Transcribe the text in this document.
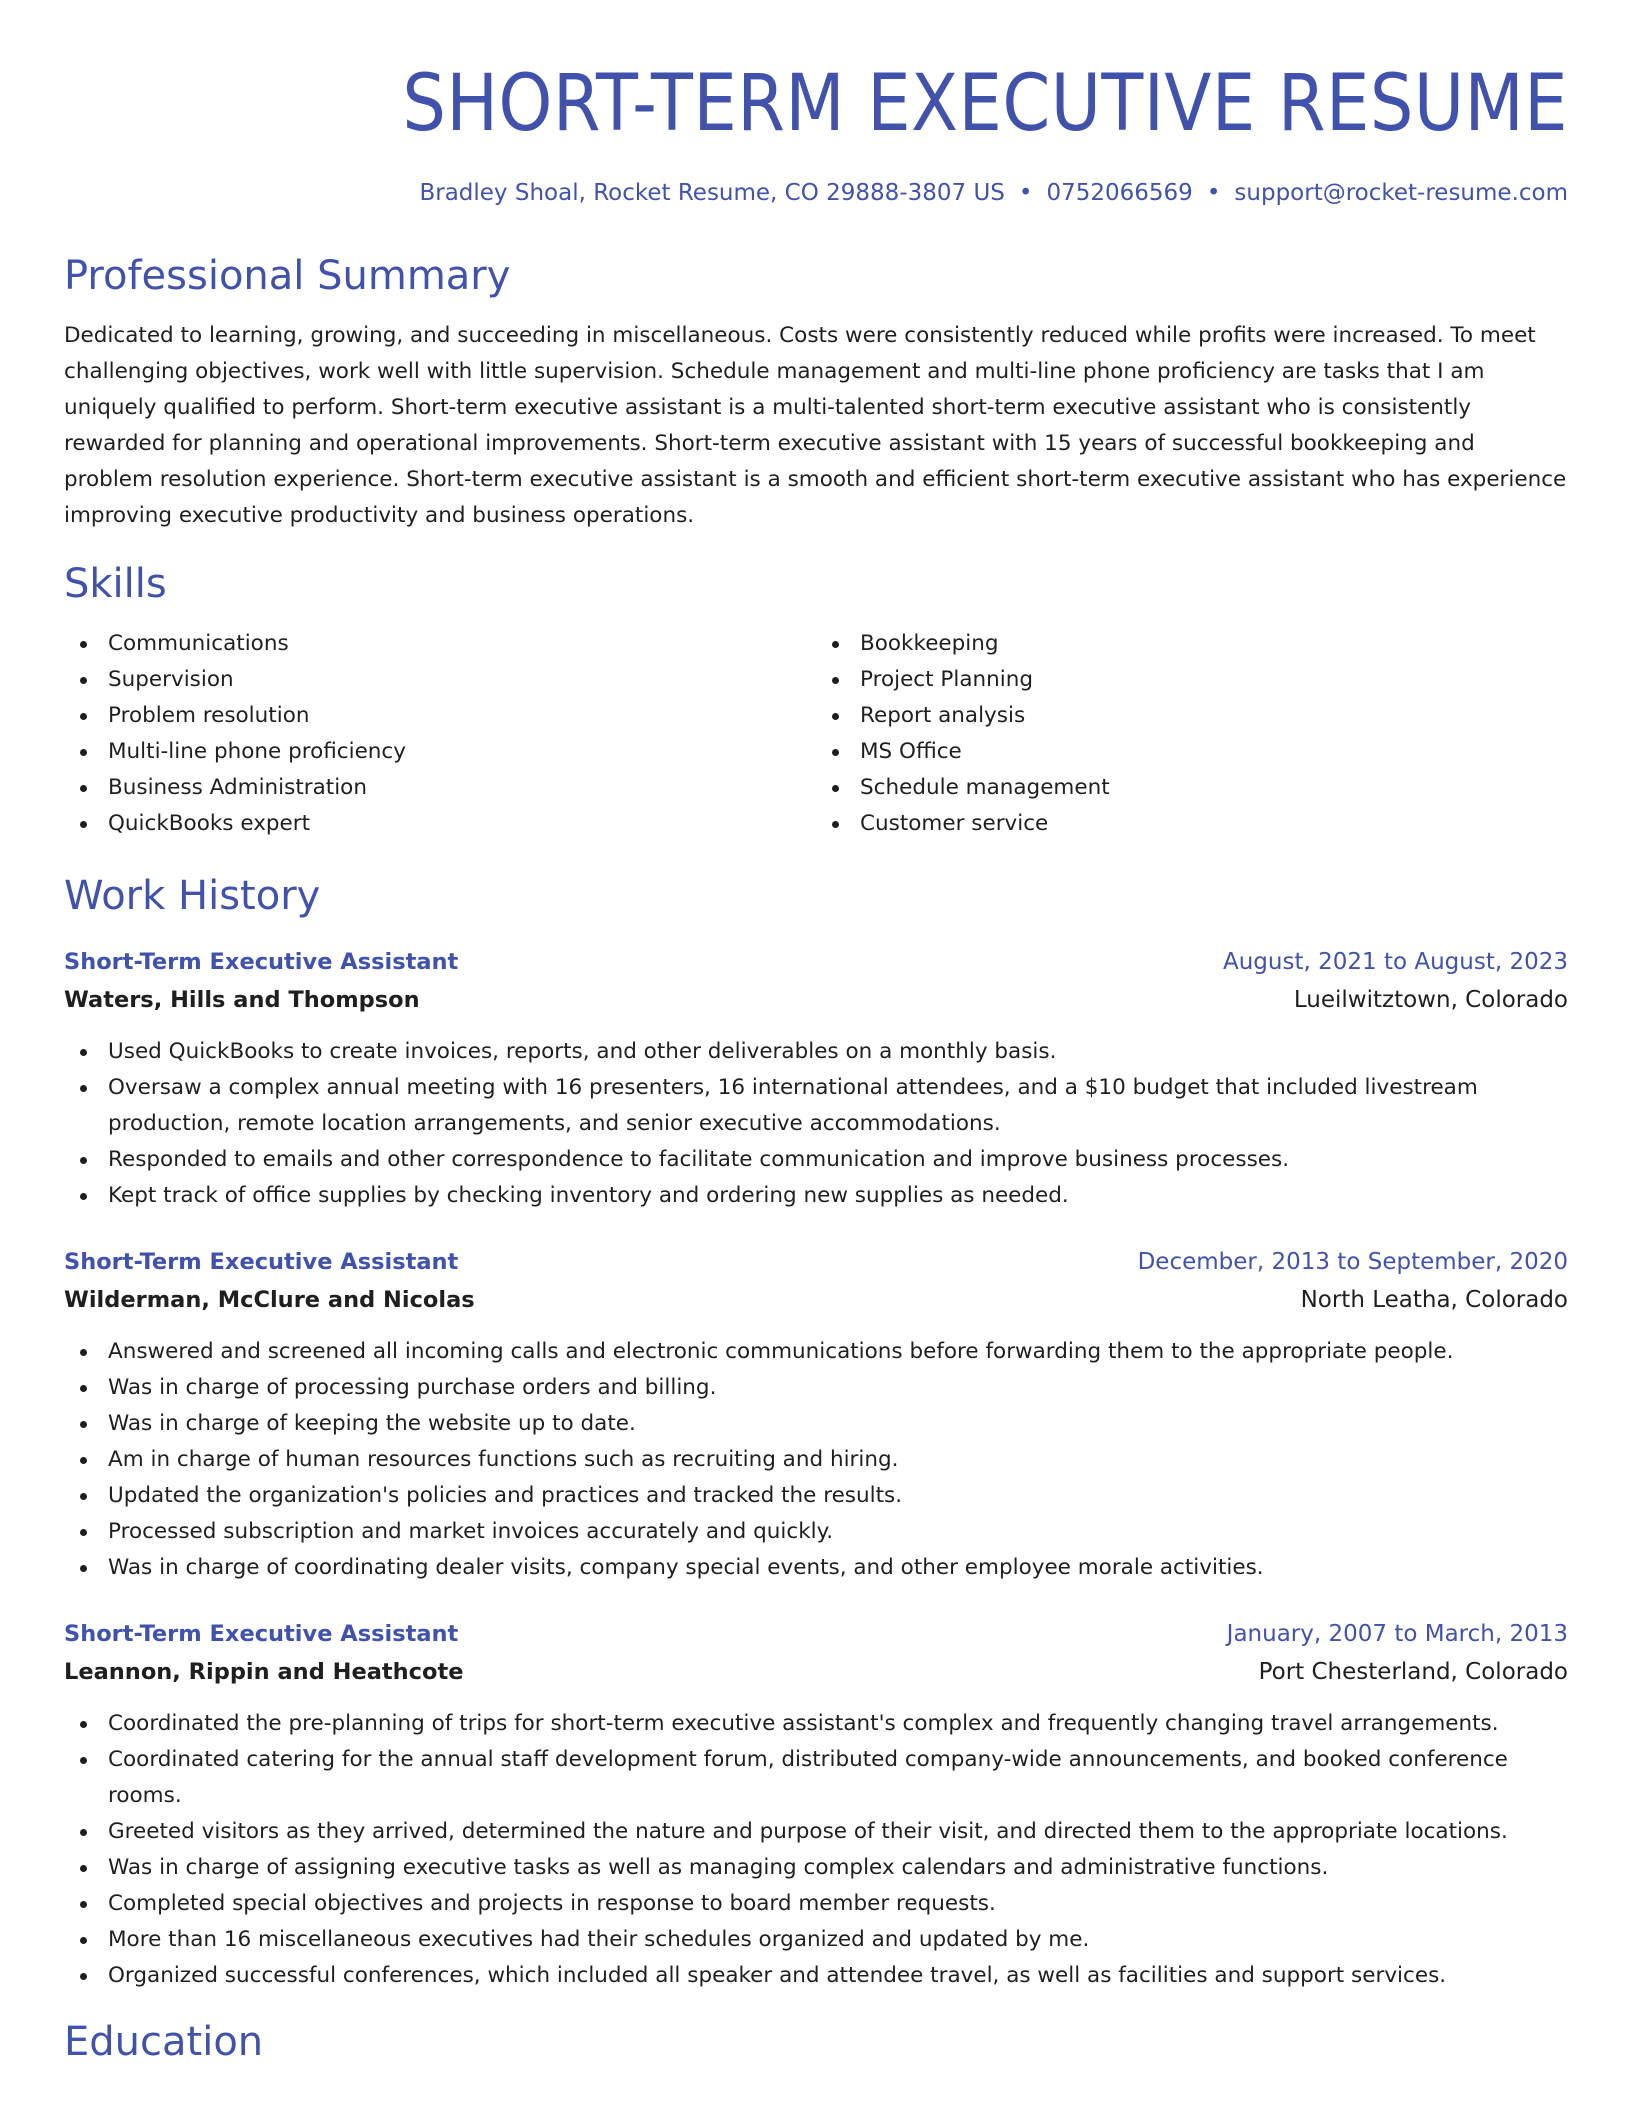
SHORT-TERM EXECUTIVE RESUME
Bradley Shoal, Rocket Resume, CO 29888-3807 US • 0752066569 • support@rocket-resume.com
Professional Summary
Dedicated to learning, growing, and succeeding in miscellaneous. Costs were consistently reduced while profits were increased. To meet challenging objectives, work well with little supervision. Schedule management and multi-line phone proficiency are tasks that I am uniquely qualified to perform. Short-term executive assistant is a multi-talented short-term executive assistant who is consistently rewarded for planning and operational improvements. Short-term executive assistant with 15 years of successful bookkeeping and problem resolution experience. Short-term executive assistant is a smooth and efficient short-term executive assistant who has experience improving executive productivity and business operations.
Skills
Communications
Supervision
Problem resolution
Multi-line phone proficiency
Business Administration
QuickBooks expert
Bookkeeping
Project Planning
Report analysis
MS Office
Schedule management
Customer service
Work History
Short-Term Executive Assistant	August, 2021 to August, 2023
Waters, Hills and Thompson	Lueilwitztown, Colorado
Used QuickBooks to create invoices, reports, and other deliverables on a monthly basis.
Oversaw a complex annual meeting with 16 presenters, 16 international attendees, and a $10 budget that included livestream production, remote location arrangements, and senior executive accommodations.
Responded to emails and other correspondence to facilitate communication and improve business processes.
Kept track of office supplies by checking inventory and ordering new supplies as needed.
Short-Term Executive Assistant	December, 2013 to September, 2020
Wilderman, McClure and Nicolas	North Leatha, Colorado
Answered and screened all incoming calls and electronic communications before forwarding them to the appropriate people.
Was in charge of processing purchase orders and billing.
Was in charge of keeping the website up to date.
Am in charge of human resources functions such as recruiting and hiring.
Updated the organization's policies and practices and tracked the results.
Processed subscription and market invoices accurately and quickly.
Was in charge of coordinating dealer visits, company special events, and other employee morale activities.
Short-Term Executive Assistant	January, 2007 to March, 2013
Leannon, Rippin and Heathcote	Port Chesterland, Colorado
Coordinated the pre-planning of trips for short-term executive assistant's complex and frequently changing travel arrangements.
Coordinated catering for the annual staff development forum, distributed company-wide announcements, and booked conference rooms.
Greeted visitors as they arrived, determined the nature and purpose of their visit, and directed them to the appropriate locations.
Was in charge of assigning executive tasks as well as managing complex calendars and administrative functions.
Completed special objectives and projects in response to board member requests.
More than 16 miscellaneous executives had their schedules organized and updated by me.
Organized successful conferences, which included all speaker and attendee travel, as well as facilities and support services.
Education
